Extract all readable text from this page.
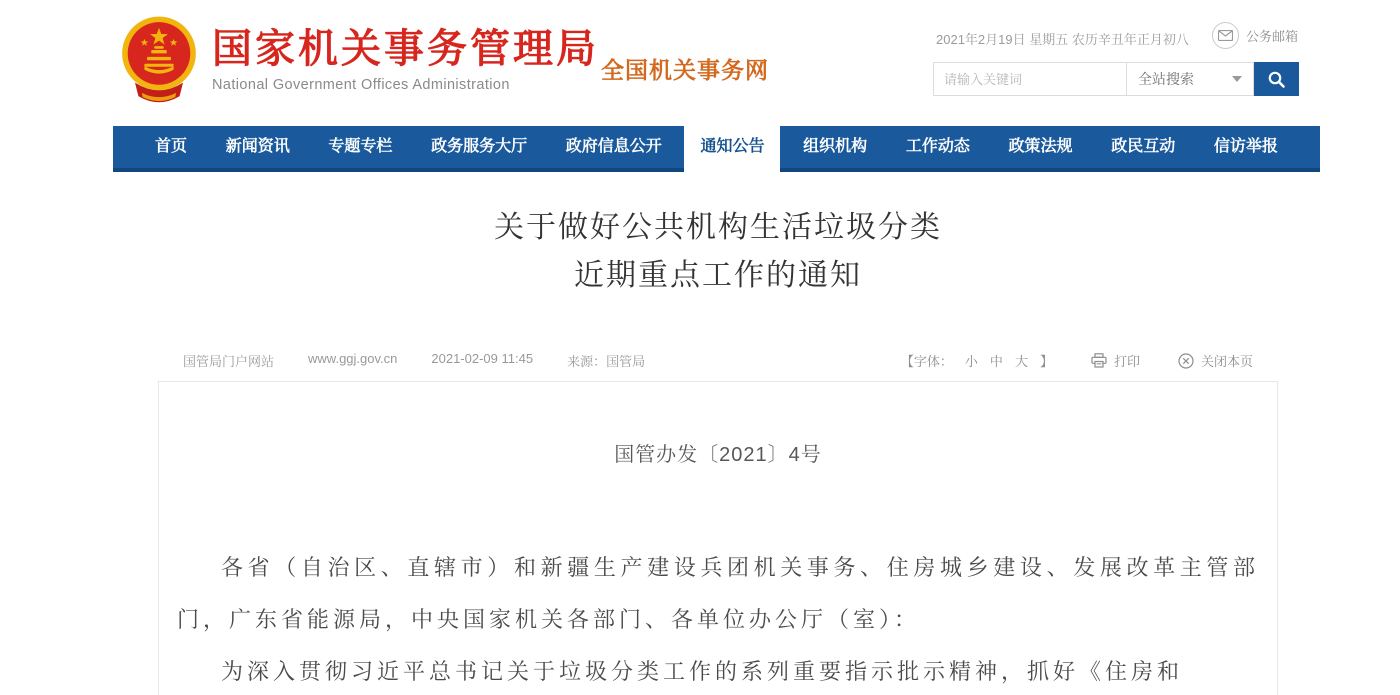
国家机关事务管理局
National Government Offices Administration
全国机关事务网
2021年2月19日 星期五 农历辛丑年正月初八	公务邮箱
请输入关键词
全站搜索
首页	新闻资讯	专题专栏	政务服务大厅	政府信息公开	通知公告	组织机构	工作动态	政策法规	政民互动	信访举报
关于做好公共机构生活垃圾分类
近期重点工作的通知
国管局门户网站	www.ggj.gov.cn	2021-02-09 11:45	来源：国管局	【字体： 小 中 大 】	打印	关闭本页
国管办发〔2021〕4号

各省（自治区、直辖市）和新疆生产建设兵团机关事务、住房城乡建设、发展改革主管部门，广东省能源局，中央国家机关各部门、各单位办公厅（室）：

为深入贯彻习近平总书记关于垃圾分类工作的系列重要指示批示精神，抓好《住房和
